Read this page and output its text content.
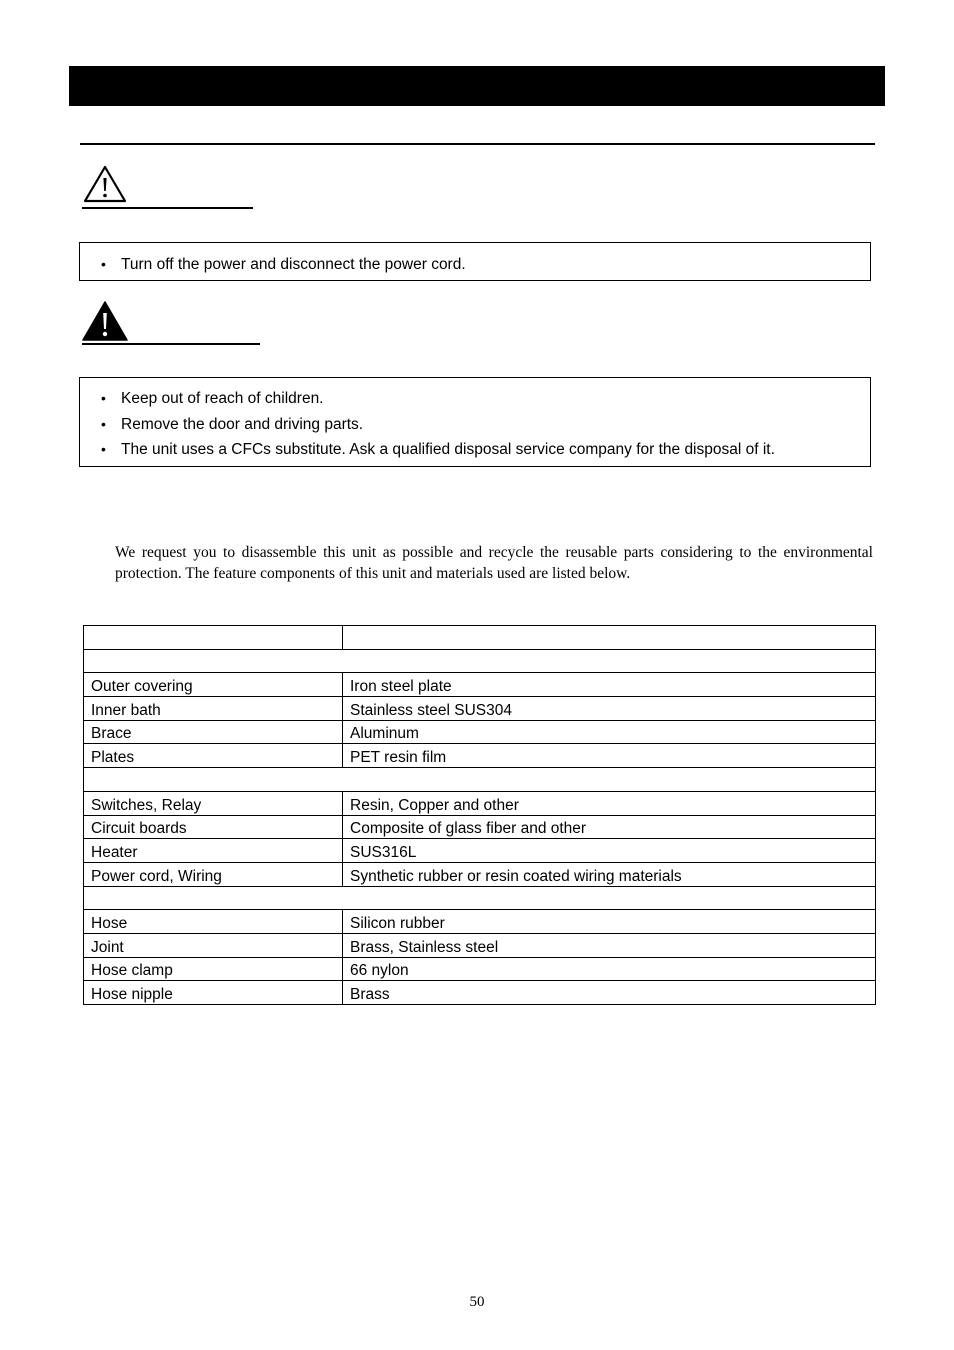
• Turn off the power and disconnect the power cord.
• Keep out of reach of children.
• Remove the door and driving parts.
• The unit uses a CFCs substitute. Ask a qualified disposal service company for the disposal of it.

We request you to disassemble this unit as possible and recycle the reusable parts considering to the environmental protection. The feature components of this unit and materials used are listed below.

Outer covering	Iron steel plate
Inner bath	Stainless steel SUS304
Brace	Aluminum
Plates	PET resin film

Switches, Relay	Resin, Copper and other
Circuit boards	Composite of glass fiber and other
Heater	SUS316L
Power cord, Wiring	Synthetic rubber or resin coated wiring materials

Hose	Silicon rubber
Joint	Brass, Stainless steel
Hose clamp	66 nylon
Hose nipple	Brass
50
